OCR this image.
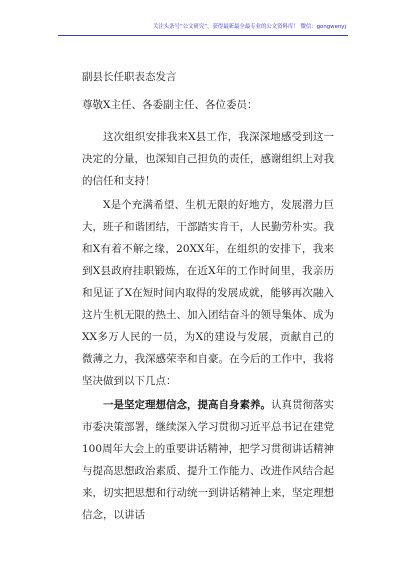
关注头条号“公文研究”，获得最新最全最专业的公文资料库！ 微信：gongwenyj
副县长任职表态发言
尊敬X主任、各委副主任、各位委员：

这次组织安排我来X县工作，我深深地感受到这一决定的分量，也深知自己担负的责任，感谢组织上对我的信任和支持！

X是个充满希望、生机无限的好地方，发展潜力巨大，班子和谐团结，干部踏实肯干，人民勤劳朴实。我和X有着不解之缘，20XX年，在组织的安排下，我来到X县政府挂职锻炼，在近X年的工作时间里，我亲历和见证了X在短时间内取得的发展成就，能够再次融入这片生机无限的热土、加入团结奋斗的领导集体、成为XX多万人民的一员，为X的建设与发展，贡献自己的微薄之力，我深感荣幸和自豪。在今后的工作中，我将坚决做到以下几点：

一是坚定理想信念，提高自身素养。认真贯彻落实市委决策部署，继续深入学习贯彻习近平总书记在建党100周年大会上的重要讲话精神，把学习贯彻讲话精神与提高思想政治素质、提升工作能力、改进作风结合起来，切实把思想和行动统一到讲话精神上来，坚定理想信念，以讲话
